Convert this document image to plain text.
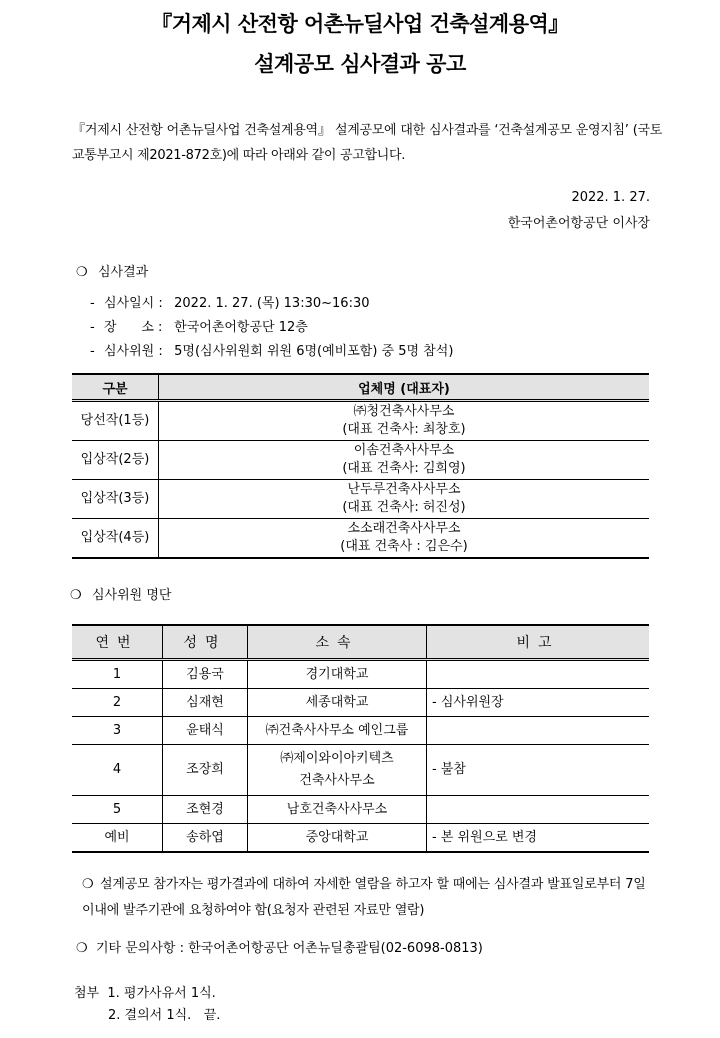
『거제시 산전항 어촌뉴딜사업 건축설계용역』
설계공모 심사결과 공고
『거제시 산전항 어촌뉴딜사업 건축설계용역』 설계공모에 대한 심사결과를 ‘건축설계공모 운영지침’ (국토교통부고시 제2021-872호)에 따라 아래와 같이 공고합니다.
2022. 1. 27.
한국어촌어항공단 이사장
❍ 심사결과
- 심사일시 : 2022. 1. 27. (목) 13:30~16:30
- 장      소 : 한국어촌어항공단 12층
- 심사위원 : 5명(심사위원회 위원 6명(예비포함) 중 5명 참석)
구분	업체명 (대표자)
당선작(1등)	㈜청건축사사무소
(대표 건축사: 최창호)

입상작(2등)	이솜건축사사무소
(대표 건축사: 김희영)

입상작(3등)	난두루건축사사무소
(대표 건축사: 허진성)

입상작(4등)	소소래건축사사무소
(대표 건축사 : 김은수)
❍ 심사위원 명단
연번	성명	소속	비고
1	김용국	경기대학교	
2	심재현	세종대학교	- 심사위원장
3	윤태식	㈜건축사사무소 예인그룹	
4	조장희	㈜제이와이아키텍츠
건축사사무소	- 불참
5	조현경	남호건축사사무소	
예비	송하엽	중앙대학교	- 본 위원으로 변경
❍ 설계공모 참가자는 평가결과에 대하여 자세한 열람을 하고자 할 때에는 심사결과 발표일로부터 7일 이내에 발주기관에 요청하여야 함(요청자 관련된 자료만 열람)
❍ 기타 문의사항 : 한국어촌어항공단 어촌뉴딜총괄팀(02-6098-0813)
첨부 1. 평가사유서 1식.
2. 결의서 1식.   끝.
